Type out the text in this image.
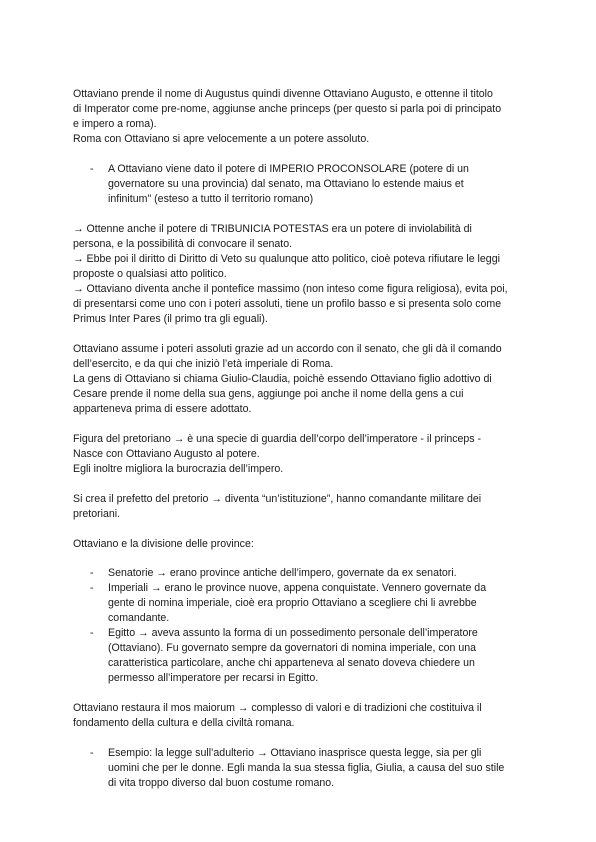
Ottaviano prende il nome di Augustus quindi divenne Ottaviano Augusto, e ottenne il titolo
di Imperator come pre-nome, aggiunse anche princeps (per questo si parla poi di principato
e impero a roma).
Roma con Ottaviano si apre velocemente a un potere assoluto.
- A Ottaviano viene dato il potere di IMPERIO PROCONSOLARE (potere di un
governatore su una provincia) dal senato, ma Ottaviano lo estende maius et
infinitum" (esteso a tutto il territorio romano)
→ Ottenne anche il potere di TRIBUNICIA POTESTAS era un potere di inviolabilità di
persona, e la possibilità di convocare il senato.
→ Ebbe poi il diritto di Diritto di Veto su qualunque atto politico, cioè poteva rifiutare le leggi
proposte o qualsiasi atto politico.
→ Ottaviano diventa anche il pontefice massimo (non inteso come figura religiosa), evita poi,
di presentarsi come uno con i poteri assoluti, tiene un profilo basso e si presenta solo come
Primus Inter Pares (il primo tra gli eguali).
Ottaviano assume i poteri assoluti grazie ad un accordo con il senato, che gli dà il comando
dell’esercito, e da qui che iniziò l’età imperiale di Roma.
La gens di Ottaviano si chiama Giulio-Claudia, poichè essendo Ottaviano figlio adottivo di
Cesare prende il nome della sua gens, aggiunge poi anche il nome della gens a cui
apparteneva prima di essere adottato.
Figura del pretoriano → è una specie di guardia dell’corpo dell’imperatore - il princeps -
Nasce con Ottaviano Augusto al potere.
Egli inoltre migliora la burocrazia dell’impero.
Si crea il prefetto del pretorio → diventa “un’istituzione”, hanno comandante militare dei
pretoriani.
Ottaviano e la divisione delle province:
- Senatorie → erano province antiche dell’impero, governate da ex senatori.
- Imperiali → erano le province nuove, appena conquistate. Vennero governate da
gente di nomina imperiale, cioè era proprio Ottaviano a scegliere chi li avrebbe
comandante.
- Egitto → aveva assunto la forma di un possedimento personale dell’imperatore
(Ottaviano). Fu governato sempre da governatori di nomina imperiale, con una
caratteristica particolare, anche chi apparteneva al senato doveva chiedere un
permesso all’imperatore per recarsi in Egitto.
Ottaviano restaura il mos maiorum → complesso di valori e di tradizioni che costituiva il
fondamento della cultura e della civiltà romana.
- Esempio: la legge sull’adulterio → Ottaviano inasprisce questa legge, sia per gli
uomini che per le donne. Egli manda la sua stessa figlia, Giulia, a causa del suo stile
di vita troppo diverso dal buon costume romano.
